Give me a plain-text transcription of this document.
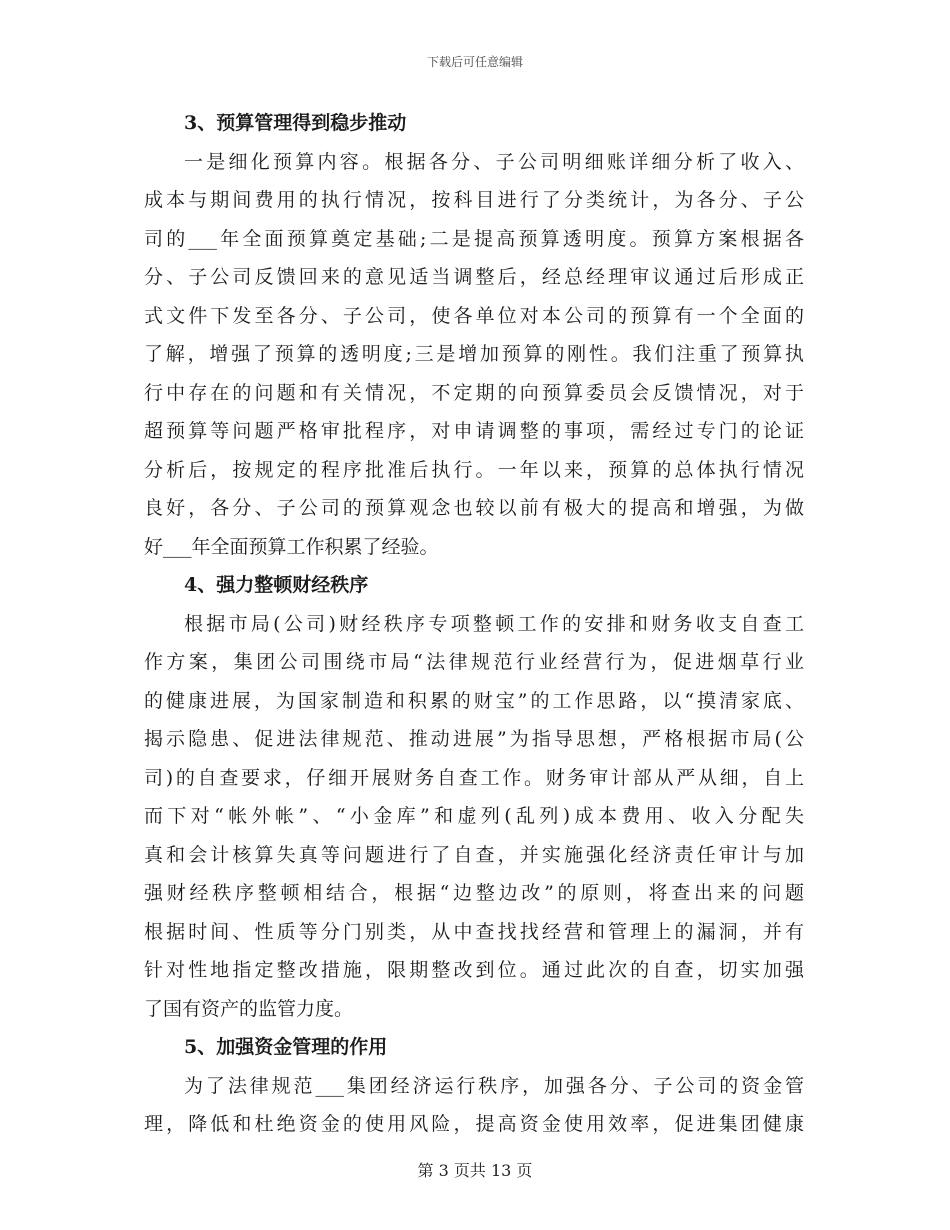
下载后可任意编辑
3、预算管理得到稳步推动

一是细化预算内容。根据各分、子公司明细账详细分析了收入、
成本与期间费用的执行情况，按科目进行了分类统计，为各分、子公
司的___年全面预算奠定基础;二是提高预算透明度。预算方案根据各
分、子公司反馈回来的意见适当调整后，经总经理审议通过后形成正
式文件下发至各分、子公司，使各单位对本公司的预算有一个全面的
了解，增强了预算的透明度;三是增加预算的刚性。我们注重了预算执
行中存在的问题和有关情况，不定期的向预算委员会反馈情况，对于
超预算等问题严格审批程序，对申请调整的事项，需经过专门的论证
分析后，按规定的程序批准后执行。一年以来，预算的总体执行情况
良好，各分、子公司的预算观念也较以前有极大的提高和增强，为做
好___年全面预算工作积累了经验。

4、强力整顿财经秩序

根据市局(公司)财经秩序专项整顿工作的安排和财务收支自查工
作方案，集团公司围绕市局“法律规范行业经营行为，促进烟草行业
的健康进展，为国家制造和积累的财宝”的工作思路，以“摸清家底、
揭示隐患、促进法律规范、推动进展”为指导思想，严格根据市局(公
司)的自查要求，仔细开展财务自查工作。财务审计部从严从细，自上
而下对“帐外帐”、“小金库”和虚列(乱列)成本费用、收入分配失
真和会计核算失真等问题进行了自查，并实施强化经济责任审计与加
强财经秩序整顿相结合，根据“边整边改”的原则，将查出来的问题
根据时间、性质等分门别类，从中查找找经营和管理上的漏洞，并有
针对性地指定整改措施，限期整改到位。通过此次的自查，切实加强
了国有资产的监管力度。

5、加强资金管理的作用

为了法律规范___集团经济运行秩序，加强各分、子公司的资金管
理，降低和杜绝资金的使用风险，提高资金使用效率，促进集团健康

第 3 页共 13 页
